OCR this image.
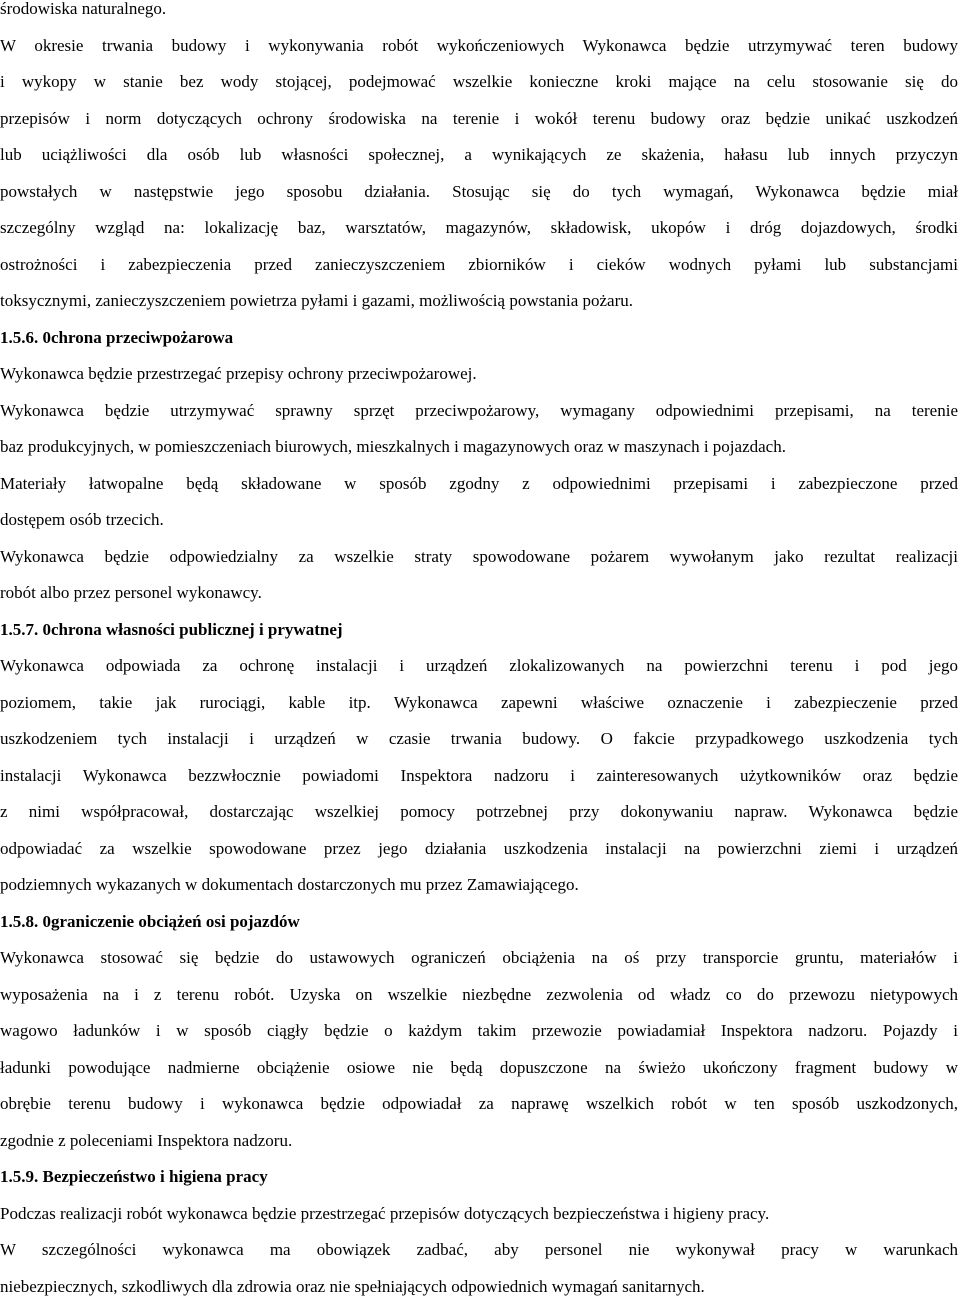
środowiska naturalnego.
W okresie trwania budowy i wykonywania robót wykończeniowych Wykonawca będzie utrzymywać teren budowy
i wykopy w stanie bez wody stojącej, podejmować wszelkie konieczne kroki mające na celu stosowanie się do
przepisów i norm dotyczących ochrony środowiska na terenie i wokół terenu budowy oraz będzie unikać uszkodzeń
lub uciążliwości dla osób lub własności społecznej, a wynikających ze skażenia, hałasu lub innych przyczyn
powstałych w następstwie jego sposobu działania. Stosując się do tych wymagań, Wykonawca będzie miał
szczególny wzgląd na: lokalizację baz, warsztatów, magazynów, składowisk, ukopów i dróg dojazdowych, środki
ostrożności i zabezpieczenia przed zanieczyszczeniem zbiorników i cieków wodnych pyłami lub substancjami
toksycznymi, zanieczyszczeniem powietrza pyłami i gazami, możliwością powstania pożaru.
1.5.6. 0chrona przeciwpożarowa
Wykonawca będzie przestrzegać przepisy ochrony przeciwpożarowej.
Wykonawca będzie utrzymywać sprawny sprzęt przeciwpożarowy, wymagany odpowiednimi przepisami, na terenie
baz produkcyjnych, w pomieszczeniach biurowych, mieszkalnych i magazynowych oraz w maszynach i pojazdach.
Materiały łatwopalne będą składowane w sposób zgodny z odpowiednimi przepisami i zabezpieczone przed
dostępem osób trzecich.
Wykonawca będzie odpowiedzialny za wszelkie straty spowodowane pożarem wywołanym jako rezultat realizacji
robót albo przez personel wykonawcy.
1.5.7. 0chrona własności publicznej i prywatnej
Wykonawca odpowiada za ochronę instalacji i urządzeń zlokalizowanych na powierzchni terenu i pod jego
poziomem, takie jak rurociągi, kable itp. Wykonawca zapewni właściwe oznaczenie i zabezpieczenie przed
uszkodzeniem tych instalacji i urządzeń w czasie trwania budowy. O fakcie przypadkowego uszkodzenia tych
instalacji Wykonawca bezzwłocznie powiadomi Inspektora nadzoru i zainteresowanych użytkowników oraz będzie
z nimi współpracował, dostarczając wszelkiej pomocy potrzebnej przy dokonywaniu napraw. Wykonawca będzie
odpowiadać za wszelkie spowodowane przez jego działania uszkodzenia instalacji na powierzchni ziemi i urządzeń
podziemnych wykazanych w dokumentach dostarczonych mu przez Zamawiającego.
1.5.8. 0graniczenie obciążeń osi pojazdów
Wykonawca stosować się będzie do ustawowych ograniczeń obciążenia na oś przy transporcie gruntu, materiałów i
wyposażenia na i z terenu robót. Uzyska on wszelkie niezbędne zezwolenia od władz co do przewozu nietypowych
wagowo ładunków i w sposób ciągły będzie o każdym takim przewozie powiadamiał Inspektora nadzoru. Pojazdy i
ładunki powodujące nadmierne obciążenie osiowe nie będą dopuszczone na świeżo ukończony fragment budowy w
obrębie terenu budowy i wykonawca będzie odpowiadał za naprawę wszelkich robót w ten sposób uszkodzonych,
zgodnie z poleceniami Inspektora nadzoru.
1.5.9. Bezpieczeństwo i higiena pracy
Podczas realizacji robót wykonawca będzie przestrzegać przepisów dotyczących bezpieczeństwa i higieny pracy.
W szczególności wykonawca ma obowiązek zadbać, aby personel nie wykonywał pracy w warunkach
niebezpiecznych, szkodliwych dla zdrowia oraz nie spełniających odpowiednich wymagań sanitarnych.
